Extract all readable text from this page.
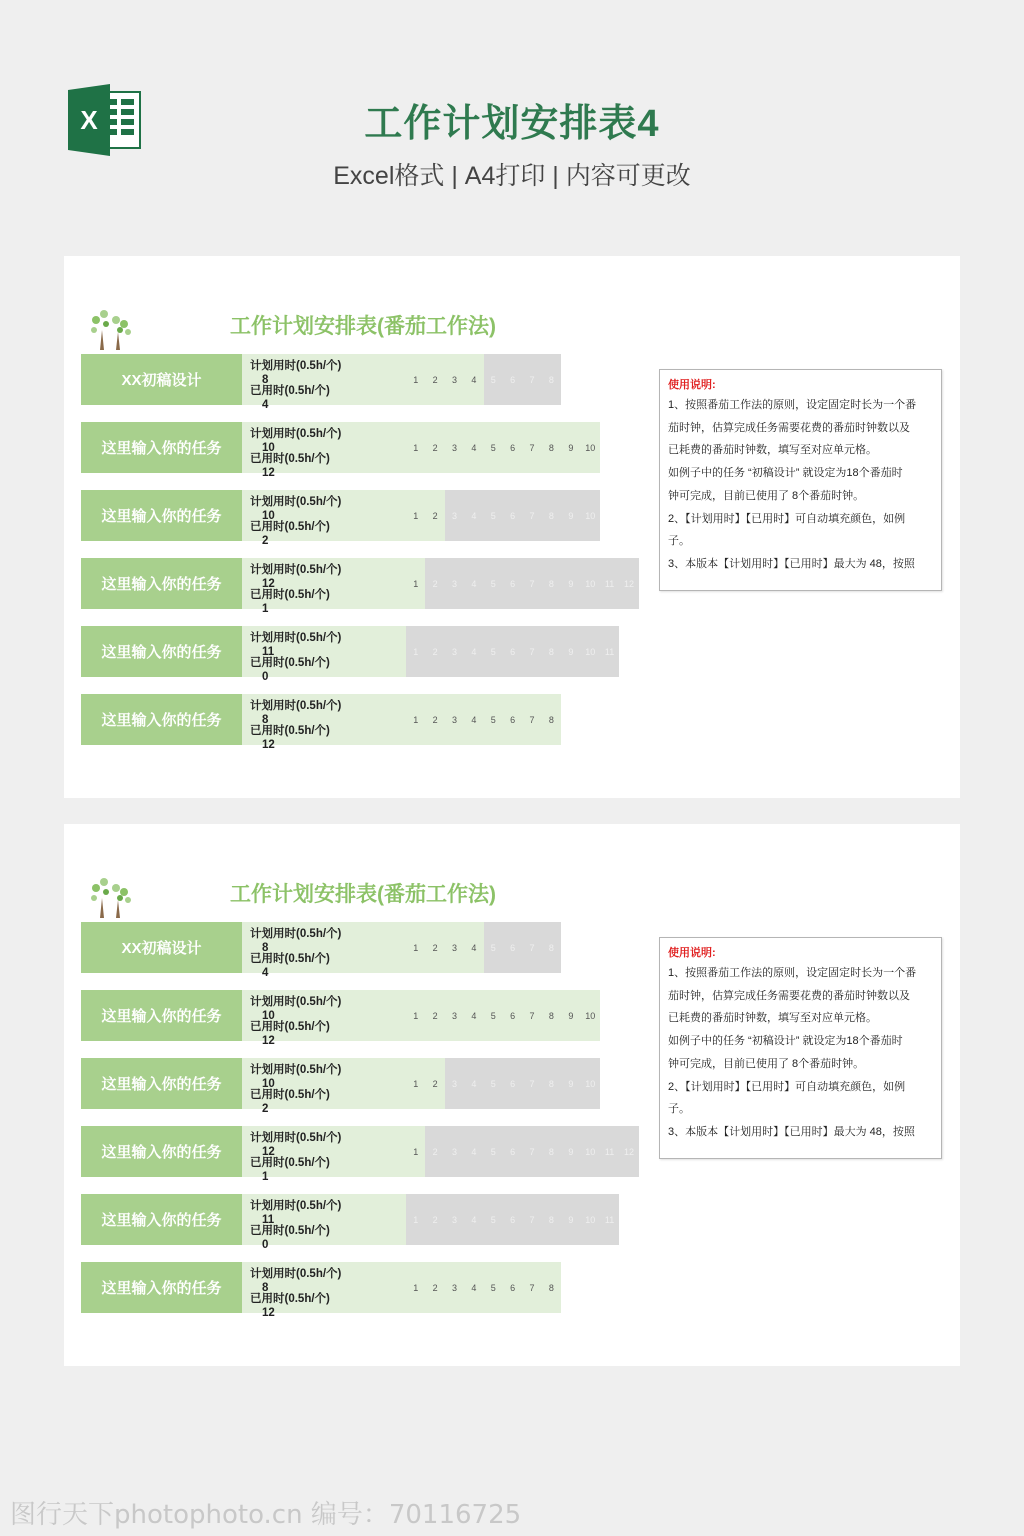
X	工作计划安排表4
Excel格式 | A4打印 | 内容可更改
工作计划安排表(番茄工作法)
XX初稿设计
计划用时(0.5h/个)8
已用时(0.5h/个)4
1	2	3	4	5	6	7	8
这里输入你的任务
计划用时(0.5h/个)10
已用时(0.5h/个)12
1	2	3	4	5	6	7	8	9	10
这里输入你的任务
计划用时(0.5h/个)10
已用时(0.5h/个)2
1	2	3	4	5	6	7	8	9	10
这里输入你的任务
计划用时(0.5h/个)12
已用时(0.5h/个)1
1	2	3	4	5	6	7	8	9	10	11	12
这里输入你的任务
计划用时(0.5h/个)11
已用时(0.5h/个)0
1	2	3	4	5	6	7	8	9	10	11
这里输入你的任务
计划用时(0.5h/个)8
已用时(0.5h/个)12
1	2	3	4	5	6	7	8
使用说明:
1、按照番茄工作法的原则，设定固定时长为一个番
茄时钟，估算完成任务需要花费的番茄时钟数以及
已耗费的番茄时钟数，填写至对应单元格。
如例子中的任务 “初稿设计” 就设定为18个番茄时
钟可完成，目前已使用了 8个番茄时钟。
2、【计划用时】【已用时】可自动填充颜色，如例
子。
3、本版本【计划用时】【已用时】最大为 48，按照
工作计划安排表(番茄工作法)
XX初稿设计
计划用时(0.5h/个)8
已用时(0.5h/个)4
1	2	3	4	5	6	7	8
这里输入你的任务
计划用时(0.5h/个)10
已用时(0.5h/个)12
1	2	3	4	5	6	7	8	9	10
这里输入你的任务
计划用时(0.5h/个)10
已用时(0.5h/个)2
1	2	3	4	5	6	7	8	9	10
这里输入你的任务
计划用时(0.5h/个)12
已用时(0.5h/个)1
1	2	3	4	5	6	7	8	9	10	11	12
这里输入你的任务
计划用时(0.5h/个)11
已用时(0.5h/个)0
1	2	3	4	5	6	7	8	9	10	11
这里输入你的任务
计划用时(0.5h/个)8
已用时(0.5h/个)12
1	2	3	4	5	6	7	8
使用说明:
1、按照番茄工作法的原则，设定固定时长为一个番
茄时钟，估算完成任务需要花费的番茄时钟数以及
已耗费的番茄时钟数，填写至对应单元格。
如例子中的任务 “初稿设计” 就设定为18个番茄时
钟可完成，目前已使用了 8个番茄时钟。
2、【计划用时】【已用时】可自动填充颜色，如例
子。
3、本版本【计划用时】【已用时】最大为 48，按照
图行天下photophoto.cn 编号：70116725
